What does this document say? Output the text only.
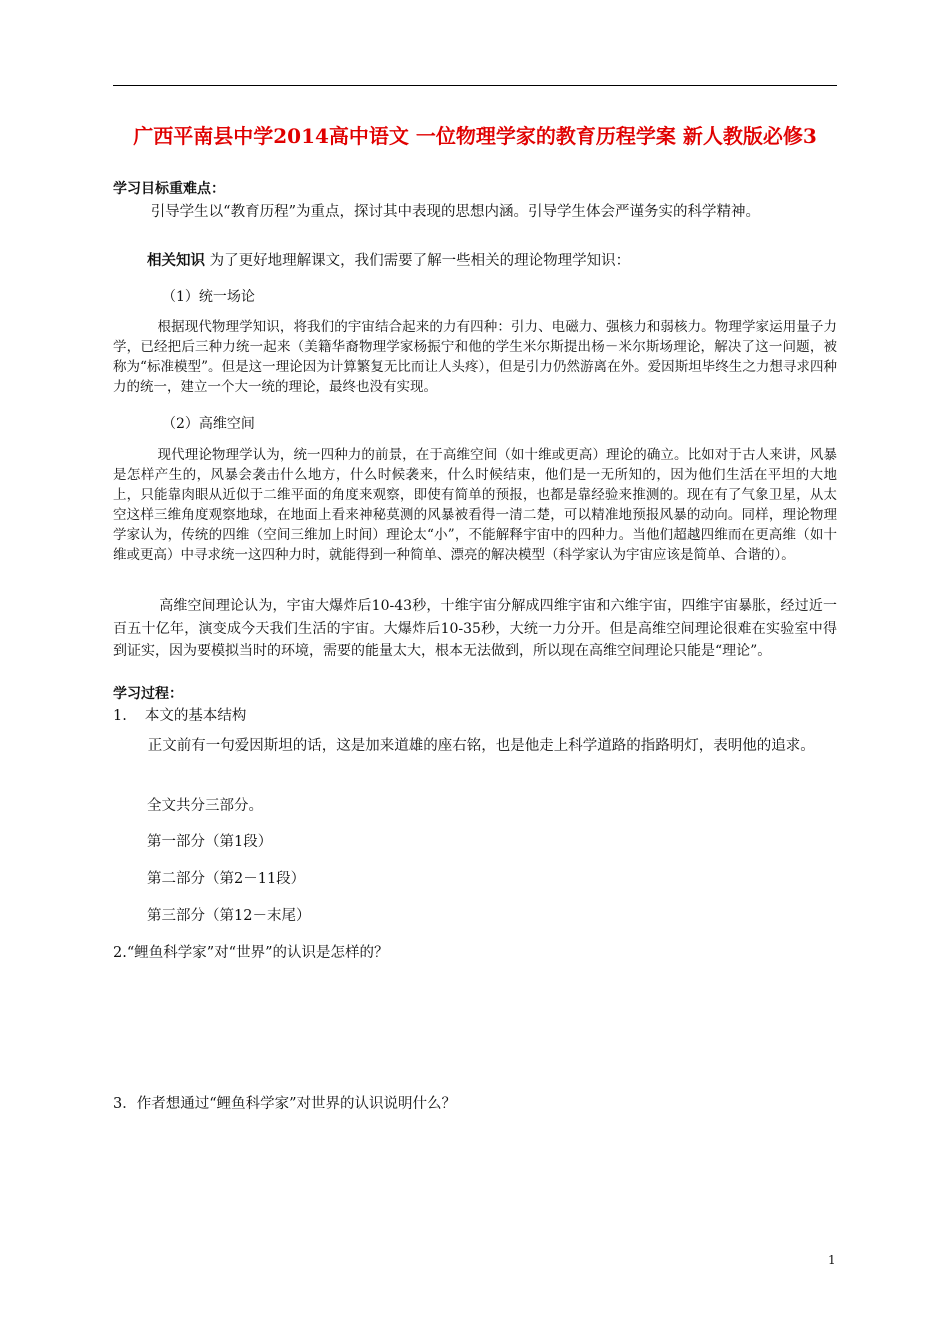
广西平南县中学2014高中语文 一位物理学家的教育历程学案 新人教版必修3
学习目标重难点：
引导学生以“教育历程”为重点，探讨其中表现的思想内涵。引导学生体会严谨务实的科学精神。
相关知识 为了更好地理解课文，我们需要了解一些相关的理论物理学知识：
（1）统一场论
根据现代物理学知识，将我们的宇宙结合起来的力有四种：引力、电磁力、强核力和弱核力。物理学家运用量子力学，已经把后三种力统一起来（美籍华裔物理学家杨振宁和他的学生米尔斯提出杨－米尔斯场理论，解决了这一问题，被称为“标准模型”。但是这一理论因为计算繁复无比而让人头疼），但是引力仍然游离在外。爱因斯坦毕终生之力想寻求四种力的统一，建立一个大一统的理论，最终也没有实现。
（2）高维空间
现代理论物理学认为，统一四种力的前景，在于高维空间（如十维或更高）理论的确立。比如对于古人来讲，风暴是怎样产生的，风暴会袭击什么地方，什么时候袭来，什么时候结束，他们是一无所知的，因为他们生活在平坦的大地上，只能靠肉眼从近似于二维平面的角度来观察，即使有简单的预报，也都是靠经验来推测的。现在有了气象卫星，从太空这样三维角度观察地球，在地面上看来神秘莫测的风暴被看得一清二楚，可以精准地预报风暴的动向。同样，理论物理学家认为，传统的四维（空间三维加上时间）理论太“小”，不能解释宇宙中的四种力。当他们超越四维而在更高维（如十维或更高）中寻求统一这四种力时，就能得到一种简单、漂亮的解决模型（科学家认为宇宙应该是简单、合谐的）。
高维空间理论认为，宇宙大爆炸后10-43秒，十维宇宙分解成四维宇宙和六维宇宙，四维宇宙暴胀，经过近一百五十亿年，演变成今天我们生活的宇宙。大爆炸后10-35秒，大统一力分开。但是高维空间理论很难在实验室中得到证实，因为要模拟当时的环境，需要的能量太大，根本无法做到，所以现在高维空间理论只能是“理论”。
学习过程：
1. 本文的基本结构
正文前有一句爱因斯坦的话，这是加来道雄的座右铭，也是他走上科学道路的指路明灯，表明他的追求。
全文共分三部分。
第一部分（第1段）
第二部分（第2－11段）
第三部分（第12－末尾）
2.“鲤鱼科学家”对“世界”的认识是怎样的？
3．作者想通过“鲤鱼科学家”对世界的认识说明什么？
1
